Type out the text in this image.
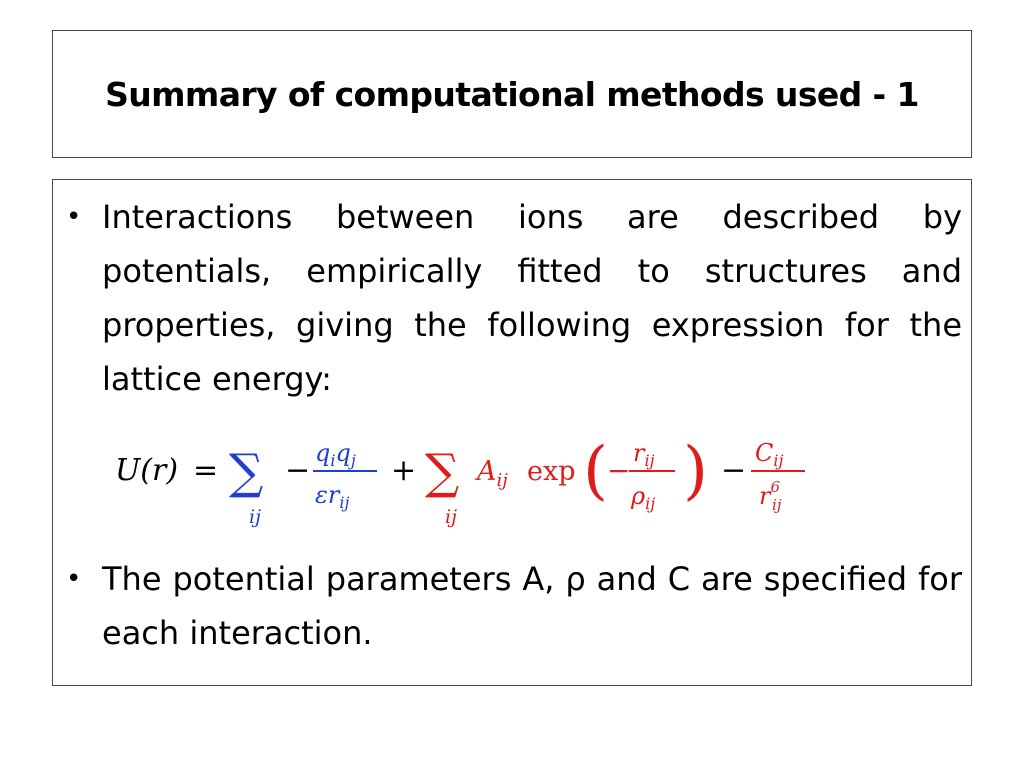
Summary of computational methods used - 1
• Interactions between ions are described by potentials, empirically fitted to structures and properties, giving the following expression for the lattice energy:
U(r) = ∑
ij
− $q_iq_j$
$\varepsilon r_{ij}$
+ ∑
ij
$A_{ij}$ exp ( −
$r_{ij}$
$\rho_{ij}$ ) − $C_{ij}$
$r^6$ ij
• The potential parameters A, ρ and C are specified for each interaction.
